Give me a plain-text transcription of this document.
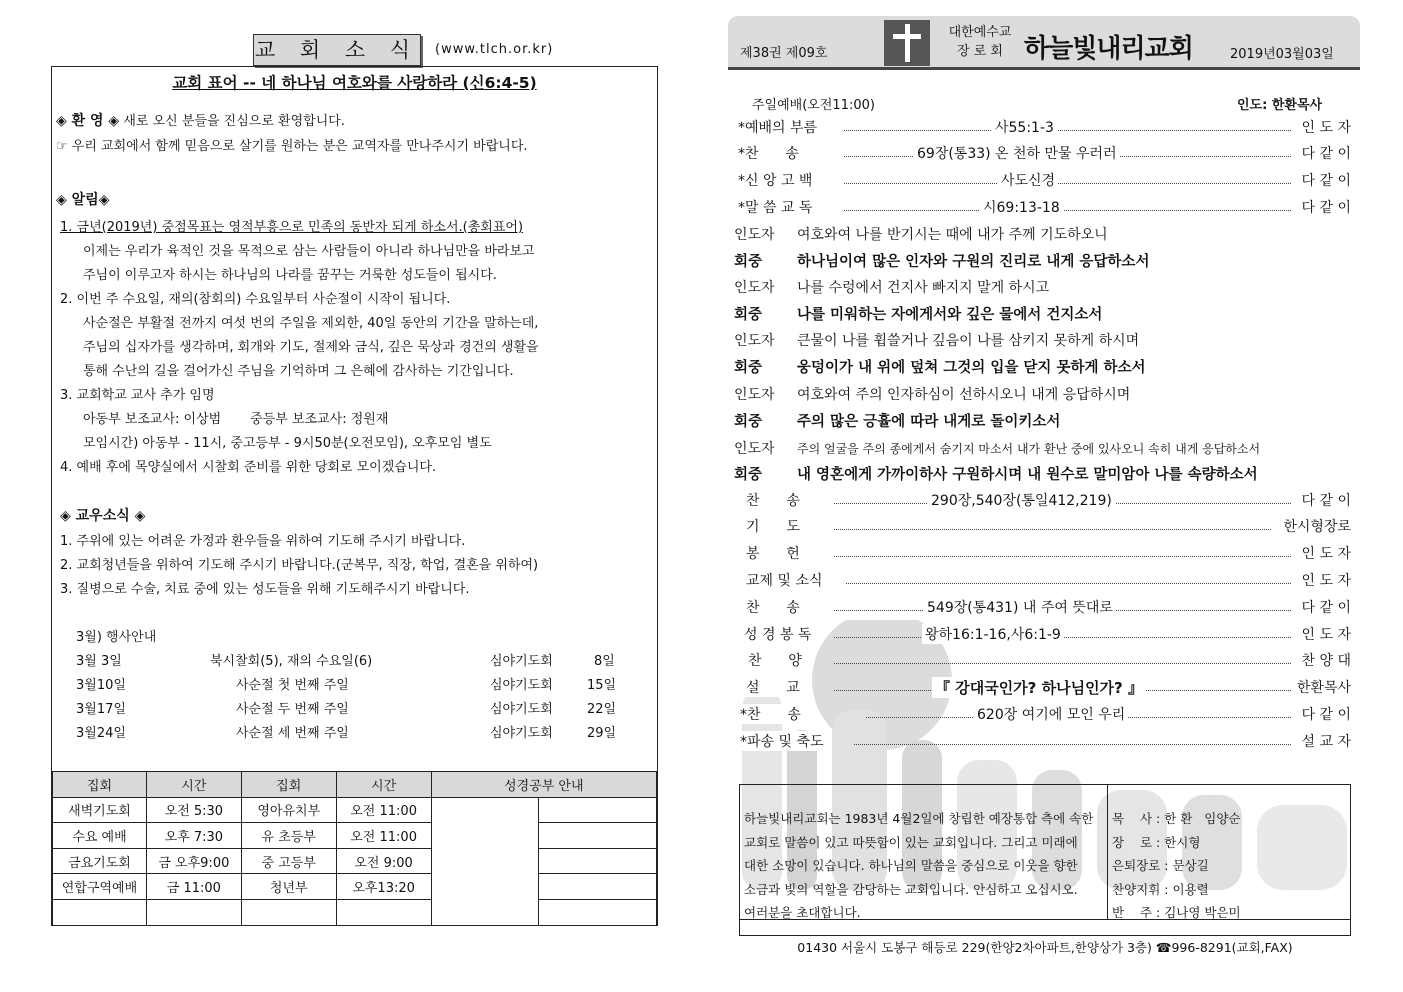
교 회 소 식 (www.tlch.or.kr)
교회 표어 -- 네 하나님 여호와를 사랑하라 (신6:4-5)
◈ 환 영 ◈ 새로 오신 분들을 진심으로 환영합니다.
☞ 우리 교회에서 함께 믿음으로 살기를 원하는 분은 교역자를 만나주시기 바랍니다.
◈ 알림◈
1. 금년(2019년) 중점목표는 영적부흥으로 민족의 동반자 되게 하소서.(총회표어)
이제는 우리가 육적인 것을 목적으로 삼는 사람들이 아니라 하나님만을 바라보고
주님이 이루고자 하시는 하나님의 나라를 꿈꾸는 거룩한 성도들이 됩시다.
2. 이번 주 수요일, 재의(참회의) 수요일부터 사순절이 시작이 됩니다.
사순절은 부활절 전까지 여섯 번의 주일을 제외한, 40일 동안의 기간을 말하는데,
주님의 십자가를 생각하며, 회개와 기도, 절제와 금식, 깊은 묵상과 경건의 생활을
통해 수난의 길을 걸어가신 주님을 기억하며 그 은혜에 감사하는 기간입니다.
3. 교회학교 교사 추가 임명
아동부 보조교사: 이상범       중등부 보조교사: 정원재
모임시간) 아동부 - 11시, 중고등부 - 9시50분(오전모임), 오후모임 별도
4. 예배 후에 목양실에서 시찰회 준비를 위한 당회로 모이겠습니다.
◈ 교우소식 ◈
1. 주위에 있는 어려운 가정과 환우들을 위하여 기도해 주시기 바랍니다.
2. 교회청년들을 위하여 기도해 주시기 바랍니다.(군복무, 직장, 학업, 결혼을 위하여)
3. 질병으로 수술, 치료 중에 있는 성도들을 위해 기도해주시기 바랍니다.
3월) 행사안내
3월 3일	북시찰회(5), 재의 수요일(6)	심야기도회	8일
3월10일	사순절 첫 번째 주일	심야기도회	15일
3월17일	사순절 두 번째 주일	심야기도회	22일
3월24일	사순절 세 번째 주일	심야기도회	29일
집회	시간	집회	시간	성경공부 안내	
새벽기도회	오전 5:30	영아유치부	오전 11:00		
수요 예배	오후 7:30	유 초등부	오전 11:00		
금요기도회	금 오후9:00	중 고등부	오전 9:00		
연합구역예배	금 11:00	청년부	오후13:20		

제38권 제09호
대한예수교
장 로 회 하늘빛내리교회	2019년03월03일
주일예배(오전11:00)	인도: 한환목사
*예배의 부름	사55:1-3	인 도 자
*찬      송	69장(통33) 온 천하 만물 우러러	다 같 이
*신 앙 고 백	사도신경	다 같 이
*말 씀 교 독	시69:13-18	다 같 이
인도자 여호와여 나를 반기시는 때에 내가 주께 기도하오니
회중 하나님이여 많은 인자와 구원의 진리로 내게 응답하소서
인도자 나를 수렁에서 건지사 빠지지 말게 하시고
회중 나를 미워하는 자에게서와 깊은 물에서 건지소서
인도자 큰물이 나를 휩쓸거나 깊음이 나를 삼키지 못하게 하시며
회중 웅덩이가 내 위에 덮쳐 그것의 입을 닫지 못하게 하소서
인도자 여호와여 주의 인자하심이 선하시오니 내게 응답하시며
회중 주의 많은 긍휼에 따라 내게로 돌이키소서
인도자 주의 얼굴을 주의 종에게서 숨기지 마소서 내가 환난 중에 있사오니 속히 내게 응답하소서
회중 내 영혼에게 가까이하사 구원하시며 내 원수로 말미암아 나를 속량하소서
찬      송	290장,540장(통일412,219)	다 같 이
기      도	한시형장로
봉      헌	인 도 자
교제 및 소식	인 도 자
찬      송	549장(통431) 내 주여 뜻대로	다 같 이
성 경 봉 독	왕하16:1-16,사6:1-9	인 도 자
찬      양	찬 양 대
설      교	『 강대국인가? 하나님인가? 』	한환목사
*찬      송	620장 여기에 모인 우리	다 같 이
*파송 및 축도	설 교 자
하늘빛내리교회는 1983년 4월2일에 창립한 예장통합 측에 속한 교회로 말씀이 있고 따뜻함이 있는 교회입니다. 그리고 미래에 대한 소망이 있습니다. 하나님의 말씀을 중심으로 이웃을 향한 소금과 빛의 역할을 감당하는 교회입니다. 안심하고 오십시오. 여러분을 초대합니다.
목    사 : 한 환   임양순
장    로 : 한시형
은퇴장로 : 문상길
찬양지휘 : 이용렬
반    주 : 김나영 박은미
01430 서울시 도봉구 해등로 229(한양2차아파트,한양상가 3층) ☎996-8291(교회,FAX)
